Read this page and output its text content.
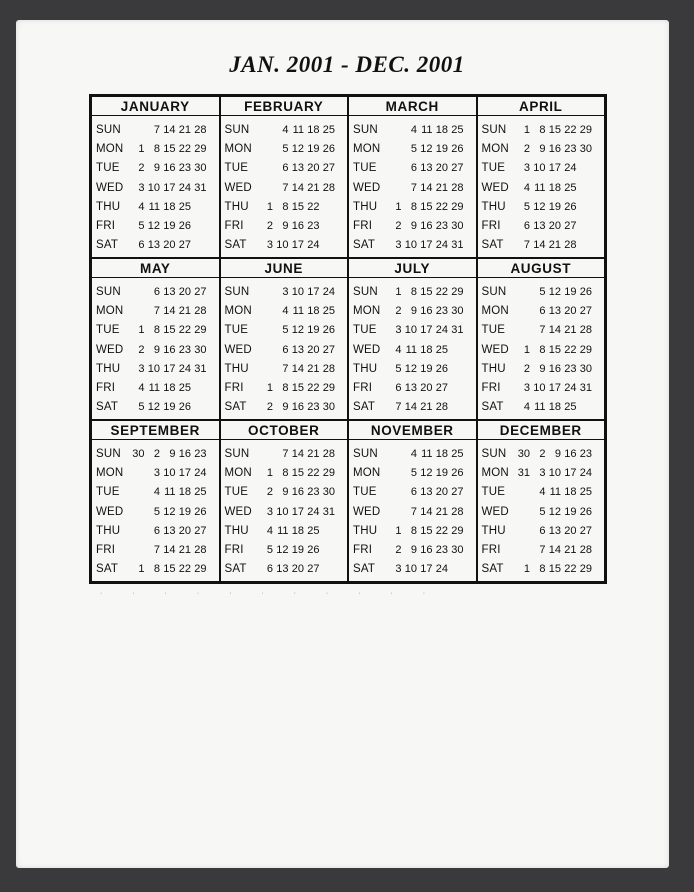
JAN. 2001 - DEC. 2001
JANUARY
SUN	7 14 21 28
MON	1 8 15 22 29
TUE	2 9 16 23 30
WED	3 10 17 24 31
THU	4 11 18 25
FRI	5 12 19 26
SAT	6 13 20 27
FEBRUARY
SUN	4 11 18 25
MON	5 12 19 26
TUE	6 13 20 27
WED	7 14 21 28
THU	1 8 15 22
FRI	2 9 16 23
SAT	3 10 17 24
MARCH
SUN	4 11 18 25
MON	5 12 19 26
TUE	6 13 20 27
WED	7 14 21 28
THU	1 8 15 22 29
FRI	2 9 16 23 30
SAT	3 10 17 24 31
APRIL
SUN	1 8 15 22 29
MON	2 9 16 23 30
TUE	3 10 17 24
WED	4 11 18 25
THU	5 12 19 26
FRI	6 13 20 27
SAT	7 14 21 28
MAY
SUN	6 13 20 27
MON	7 14 21 28
TUE	1 8 15 22 29
WED	2 9 16 23 30
THU	3 10 17 24 31
FRI	4 11 18 25
SAT	5 12 19 26
JUNE
SUN	3 10 17 24
MON	4 11 18 25
TUE	5 12 19 26
WED	6 13 20 27
THU	7 14 21 28
FRI	1 8 15 22 29
SAT	2 9 16 23 30
JULY
SUN	1 8 15 22 29
MON	2 9 16 23 30
TUE	3 10 17 24 31
WED	4 11 18 25
THU	5 12 19 26
FRI	6 13 20 27
SAT	7 14 21 28
AUGUST
SUN	5 12 19 26
MON	6 13 20 27
TUE	7 14 21 28
WED	1 8 15 22 29
THU	2 9 16 23 30
FRI	3 10 17 24 31
SAT	4 11 18 25
SEPTEMBER
SUN	30 2 9 16 23
MON	3 10 17 24
TUE	4 11 18 25
WED	5 12 19 26
THU	6 13 20 27
FRI	7 14 21 28
SAT	1 8 15 22 29
OCTOBER
SUN	7 14 21 28
MON	1 8 15 22 29
TUE	2 9 16 23 30
WED	3 10 17 24 31
THU	4 11 18 25
FRI	5 12 19 26
SAT	6 13 20 27
NOVEMBER
SUN	4 11 18 25
MON	5 12 19 26
TUE	6 13 20 27
WED	7 14 21 28
THU	1 8 15 22 29
FRI	2 9 16 23 30
SAT	3 10 17 24
DECEMBER
SUN	30 2 9 16 23
MON 31 3 10 17 24
TUE	4 11 18 25
WED	5 12 19 26
THU	6 13 20 27
FRI	7 14 21 28
SAT	1 8 15 22 29
· · · · · · · · · · ·
